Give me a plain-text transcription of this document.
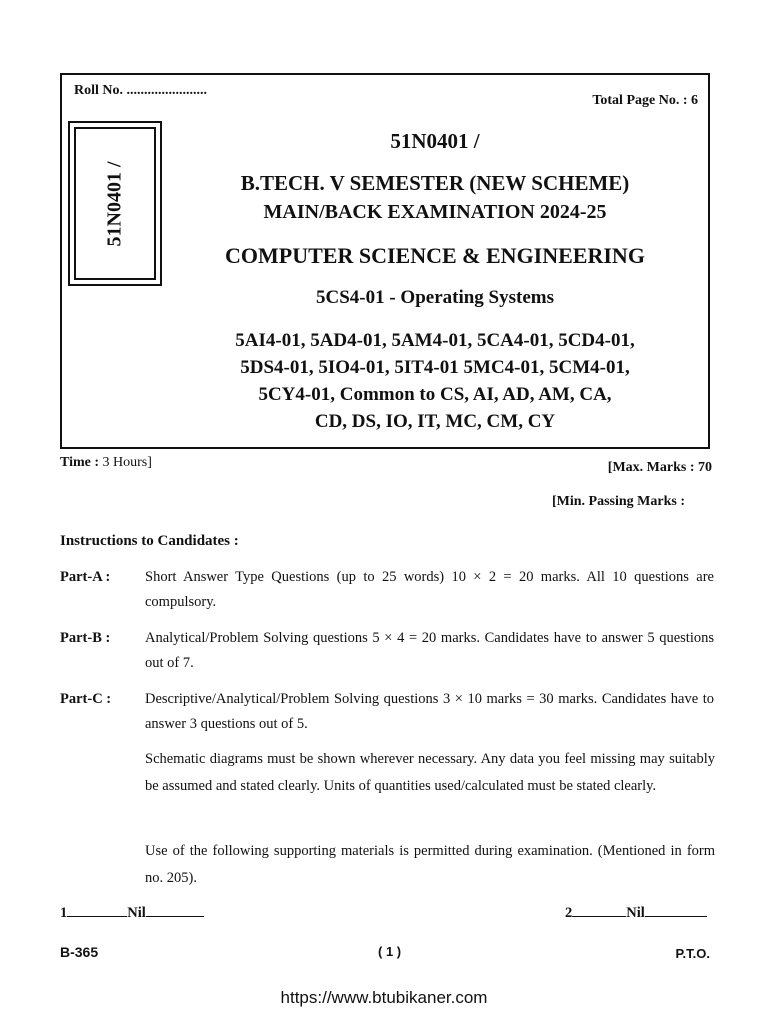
Roll No. .......................
Total Page No. : 6
51N0401 /
51N0401 /
B.TECH. V SEMESTER (NEW SCHEME)
MAIN/BACK EXAMINATION 2024-25
COMPUTER SCIENCE & ENGINEERING
5CS4-01 - Operating Systems
5AI4-01, 5AD4-01, 5AM4-01, 5CA4-01, 5CD4-01,
5DS4-01, 5IO4-01, 5IT4-01 5MC4-01, 5CM4-01,
5CY4-01, Common to CS, AI, AD, AM, CA,
CD, DS, IO, IT, MC, CM, CY
Time : 3 Hours]	[Max. Marks : 70
[Min. Passing Marks :
Instructions to Candidates :
Part-A : Short Answer Type Questions (up to 25 words) 10 × 2 = 20 marks. All 10 questions are compulsory.
Part-B : Analytical/Problem Solving questions 5 × 4 = 20 marks. Candidates have to answer 5 questions out of 7.
Part-C : Descriptive/Analytical/Problem Solving questions 3 × 10 marks = 30 marks. Candidates have to answer 3 questions out of 5.
Schematic diagrams must be shown wherever necessary. Any data you feel missing may suitably be assumed and stated clearly. Units of quantities used/calculated must be stated clearly.
Use of the following supporting materials is permitted during examination. (Mentioned in form no. 205).
1	Nil	2	Nil
B-365	( 1 )	P.T.O.
https://www.btubikaner.com
